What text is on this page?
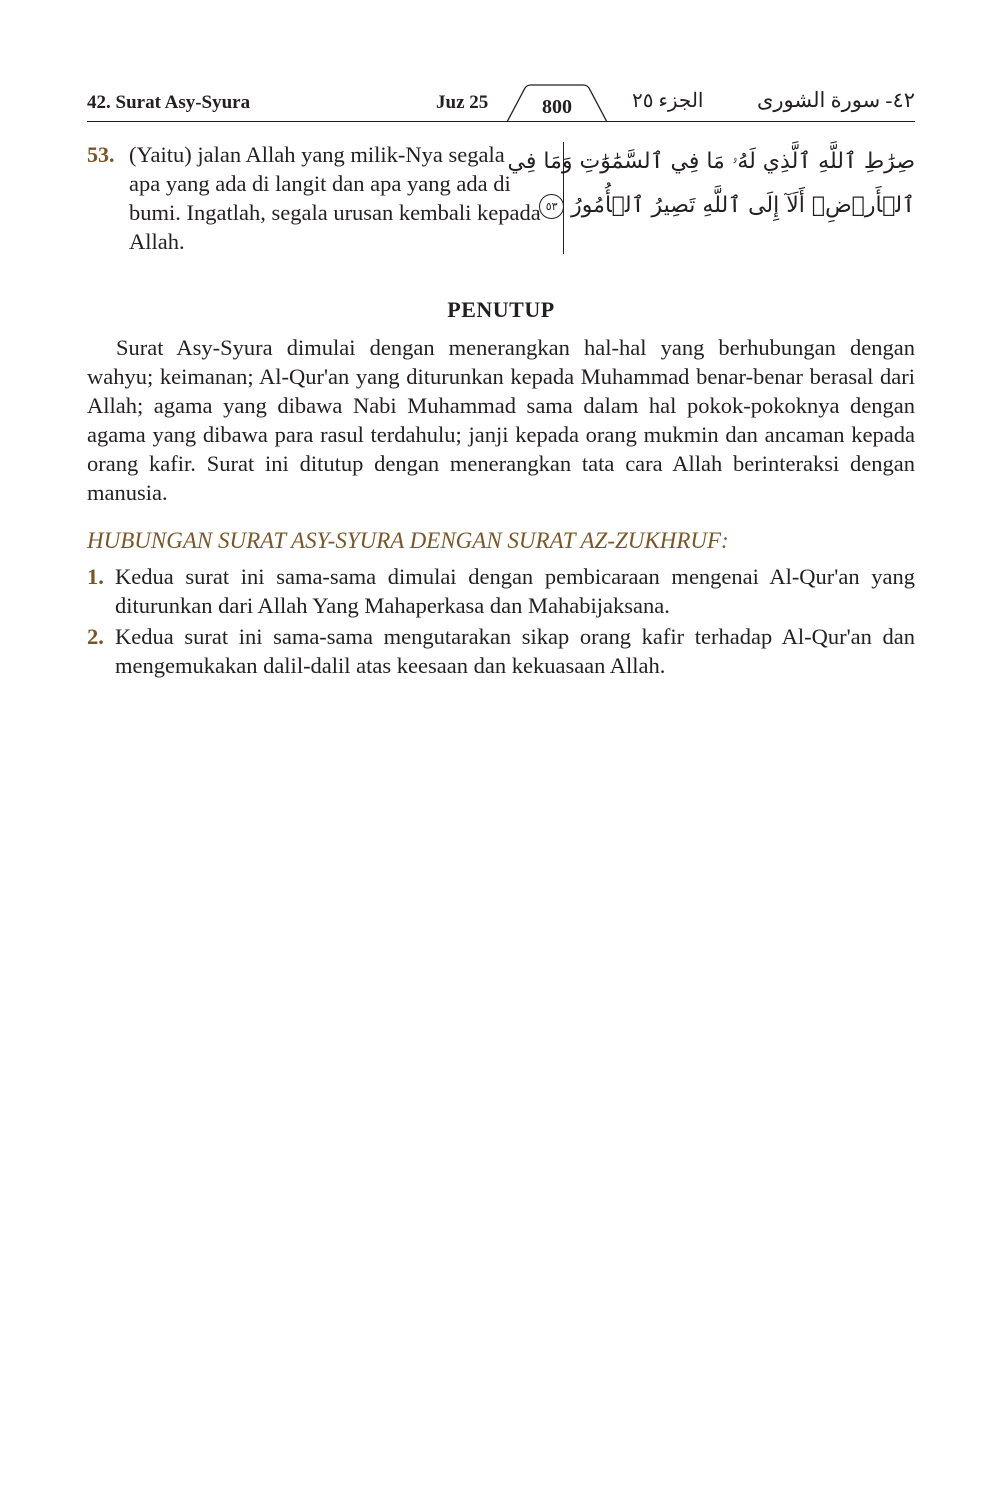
42. Surat Asy-Syura	Juz 25	800	الجزء ٢٥	٤٢- سورة الشورى
53. (Yaitu) jalan Allah yang milik-Nya segala apa yang ada di langit dan apa yang ada di bumi. Ingatlah, segala urusan kembali kepada Allah.
صِرَٰطِ ٱللَّهِ ٱلَّذِي لَهُۥ مَا فِي ٱلسَّمَٰوَٰتِ وَمَا فِي
ٱلۡأَرۡضِۗ أَلَآ إِلَى ٱللَّهِ تَصِيرُ ٱلۡأُمُورُ ٥٣
PENUTUP

Surat Asy-Syura dimulai dengan menerangkan hal-hal yang berhubungan dengan wahyu; keimanan; Al-Qur'an yang diturunkan kepada Muhammad benar-benar berasal dari Allah; agama yang dibawa Nabi Muhammad sama dalam hal pokok-pokoknya dengan agama yang dibawa para rasul terdahulu; janji kepada orang mukmin dan ancaman kepada orang kafir. Surat ini ditutup dengan menerangkan tata cara Allah berinteraksi dengan manusia.

HUBUNGAN SURAT ASY-SYURA DENGAN SURAT AZ-ZUKHRUF:
1. Kedua surat ini sama-sama dimulai dengan pembicaraan mengenai Al-Qur'an yang diturunkan dari Allah Yang Mahaperkasa dan Mahabijaksana.
2. Kedua surat ini sama-sama mengutarakan sikap orang kafir terhadap Al-Qur'an dan mengemukakan dalil-dalil atas keesaan dan kekuasaan Allah.
